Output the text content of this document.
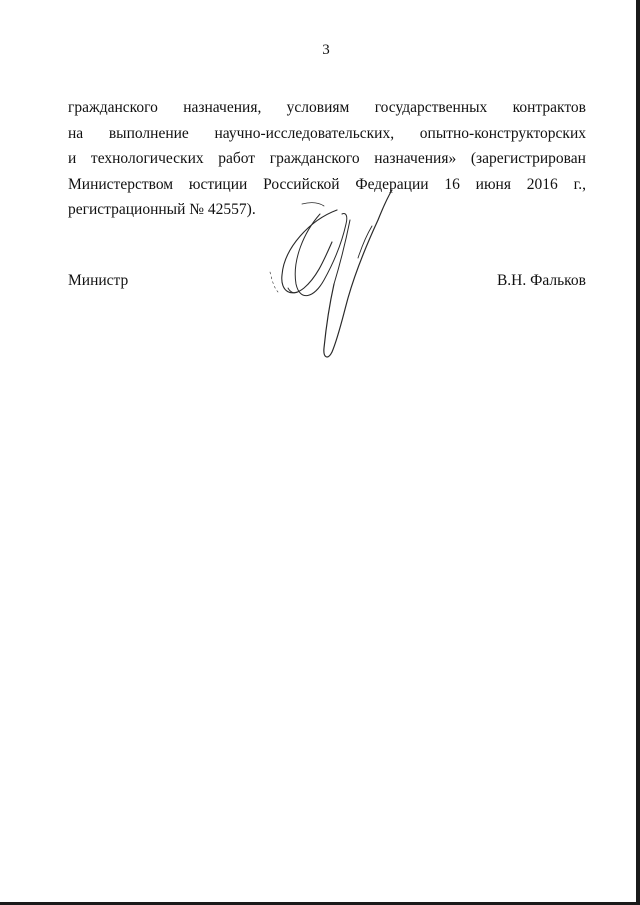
3
гражданского назначения, условиям государственных контрактов
на выполнение научно-исследовательских, опытно-конструкторских
и технологических работ гражданского назначения» (зарегистрирован
Министерством юстиции Российской Федерации 16 июня 2016 г.,
регистрационный № 42557).
Министр	В.Н. Фальков
